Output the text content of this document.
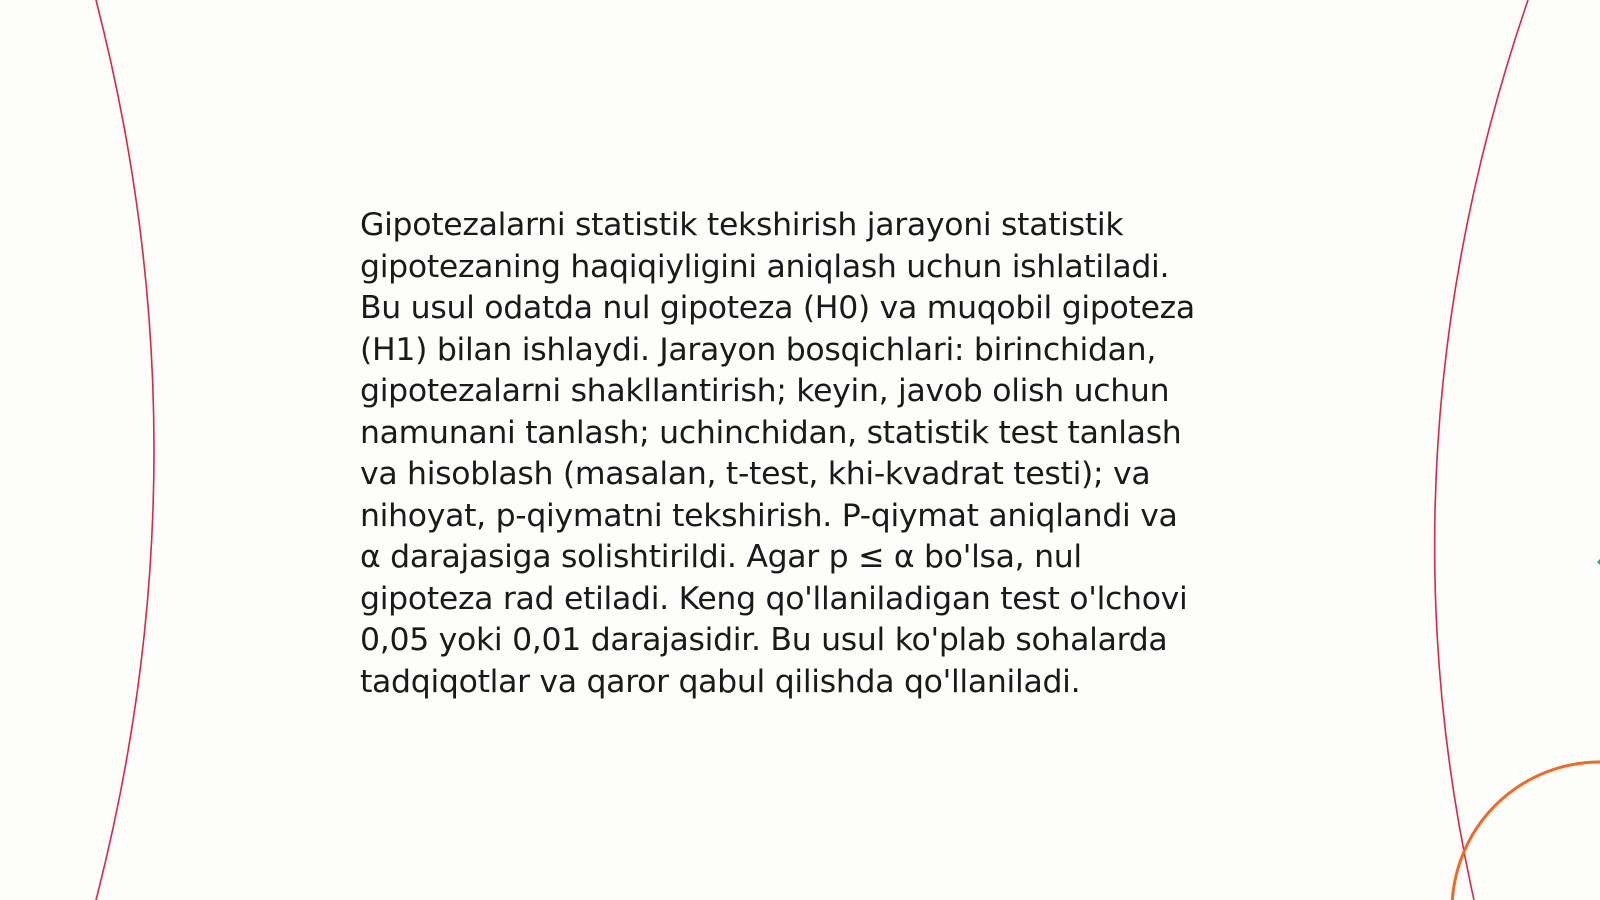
Gipotezalarni statistik tekshirish jarayoni statistik
gipotezaning haqiqiyligini aniqlash uchun ishlatiladi.
Bu usul odatda nul gipoteza (H0) va muqobil gipoteza
(H1) bilan ishlaydi. Jarayon bosqichlari: birinchidan,
gipotezalarni shakllantirish; keyin, javob olish uchun
namunani tanlash; uchinchidan, statistik test tanlash
va hisoblash (masalan, t-test, khi-kvadrat testi); va
nihoyat, p-qiymatni tekshirish. P-qiymat aniqlandi va
α darajasiga solishtirildi. Agar p ≤ α bo'lsa, nul
gipoteza rad etiladi. Keng qo'llaniladigan test o'lchovi
0,05 yoki 0,01 darajasidir. Bu usul ko'plab sohalarda
tadqiqotlar va qaror qabul qilishda qo'llaniladi.
